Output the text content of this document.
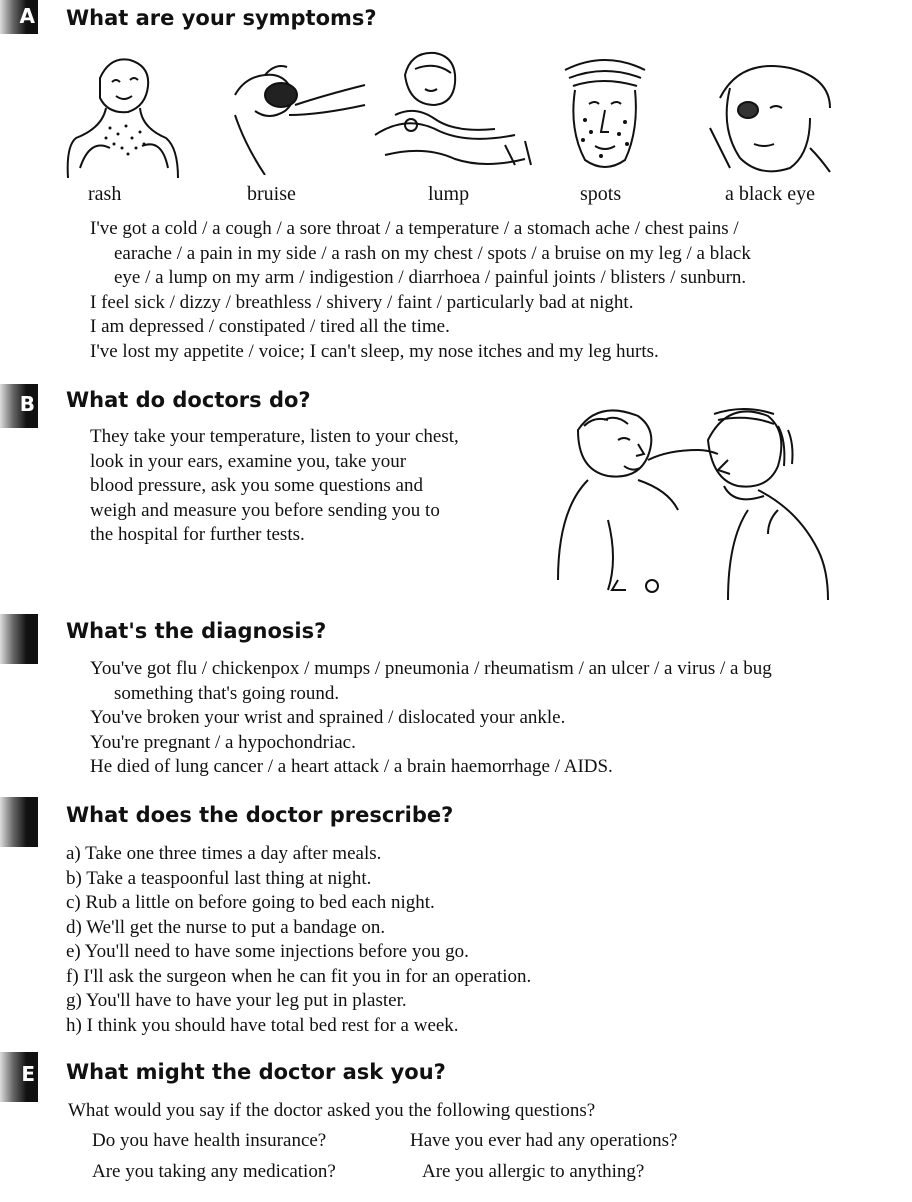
A What are your symptoms?
rash	bruise	lump	spots	a black eye
I've got a cold / a cough / a sore throat / a temperature / a stomach ache / chest pains /
earache / a pain in my side / a rash on my chest / spots / a bruise on my leg / a black
eye / a lump on my arm / indigestion / diarrhoea / painful joints / blisters / sunburn.
I feel sick / dizzy / breathless / shivery / faint / particularly bad at night.
I am depressed / constipated / tired all the time.
I've lost my appetite / voice; I can't sleep, my nose itches and my leg hurts.
B What do doctors do?
They take your temperature, listen to your chest,
look in your ears, examine you, take your
blood pressure, ask you some questions and
weigh and measure you before sending you to
the hospital for further tests.
What's the diagnosis?
You've got flu / chickenpox / mumps / pneumonia / rheumatism / an ulcer / a virus / a bug
something that's going round.
You've broken your wrist and sprained / dislocated your ankle.
You're pregnant / a hypochondriac.
He died of lung cancer / a heart attack / a brain haemorrhage / AIDS.
What does the doctor prescribe?
a) Take one three times a day after meals.
b) Take a teaspoonful last thing at night.
c) Rub a little on before going to bed each night.
d) We'll get the nurse to put a bandage on.
e) You'll need to have some injections before you go.
f) I'll ask the surgeon when he can fit you in for an operation.
g) You'll have to have your leg put in plaster.
h) I think you should have total bed rest for a week.
E What might the doctor ask you?
What would you say if the doctor asked you the following questions?
Do you have health insurance?	Have you ever had any operations?
Are you taking any medication?	Are you allergic to anything?
